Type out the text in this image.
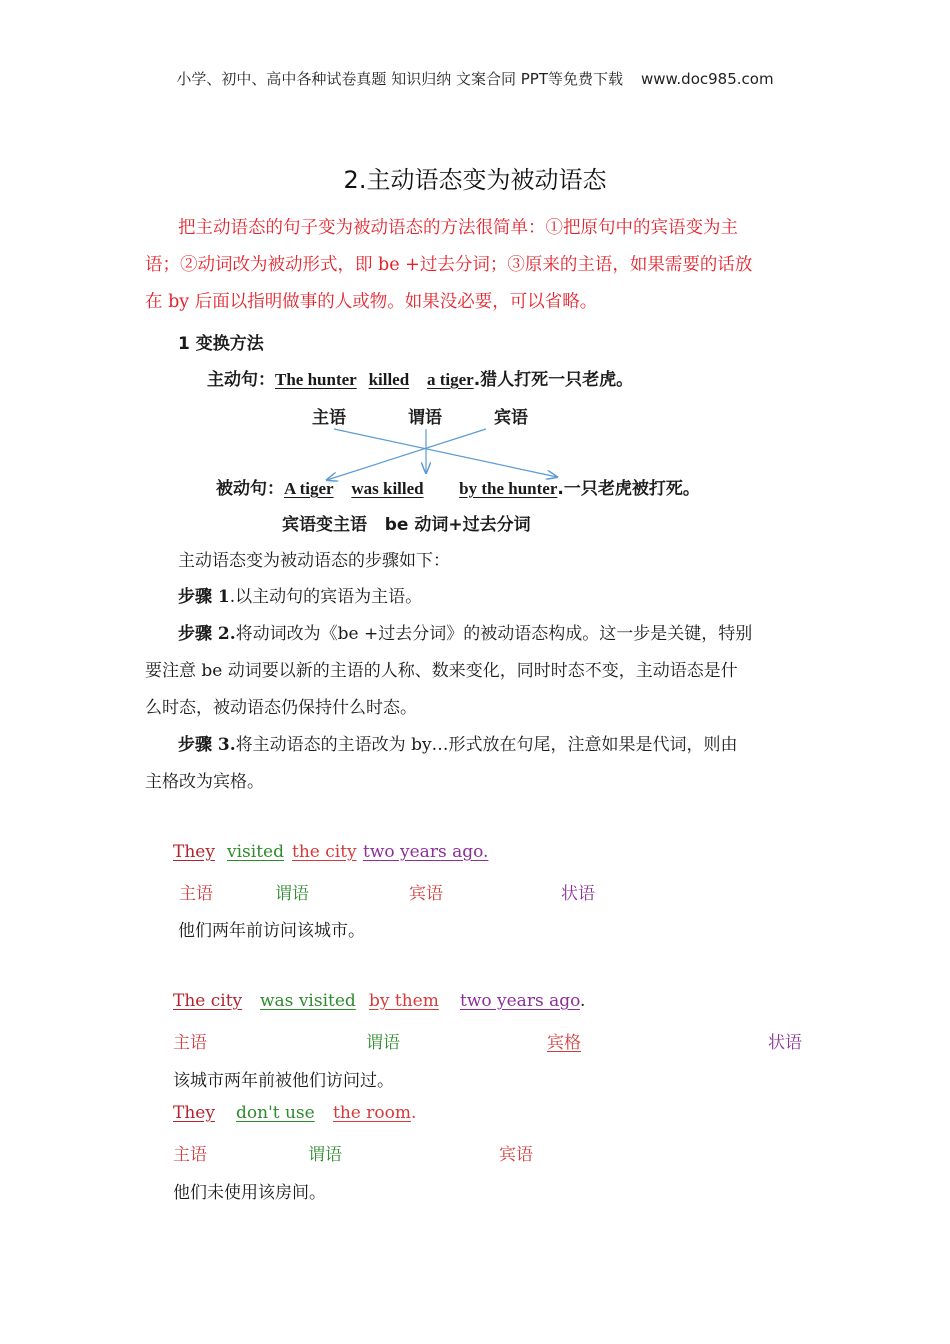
小学、初中、高中各种试卷真题 知识归纳 文案合同 PPT等免费下载 www.doc985.com
2.主动语态变为被动语态
把主动语态的句子变为被动语态的方法很简单：①把原句中的宾语变为主
语；②动词改为被动形式，即 be +过去分词；③原来的主语，如果需要的话放
在 by 后面以指明做事的人或物。如果没必要，可以省略。
1 变换方法
主动句：The hunter killed a tiger.猎人打死一只老虎。
主语	谓语	宾语
被动句：A tiger was killed by the hunter.一只老虎被打死。
宾语变主语 be 动词+过去分词
主动语态变为被动语态的步骤如下：
步骤 1.以主动句的宾语为主语。
步骤 2.将动词改为《be +过去分词》的被动语态构成。这一步是关键，特别
要注意 be 动词要以新的主语的人称、数来变化，同时时态不变，主动语态是什
么时态，被动语态仍保持什么时态。
步骤 3.将主动语态的主语改为 by…形式放在句尾，注意如果是代词，则由
主格改为宾格。
They visited the city two years ago.
主语	谓语	宾语	状语
他们两年前访问该城市。
The city was visited by them two years ago.
主语	谓语	宾格	状语
该城市两年前被他们访问过。
They don't use the room.
主语	谓语	宾语
他们未使用该房间。
